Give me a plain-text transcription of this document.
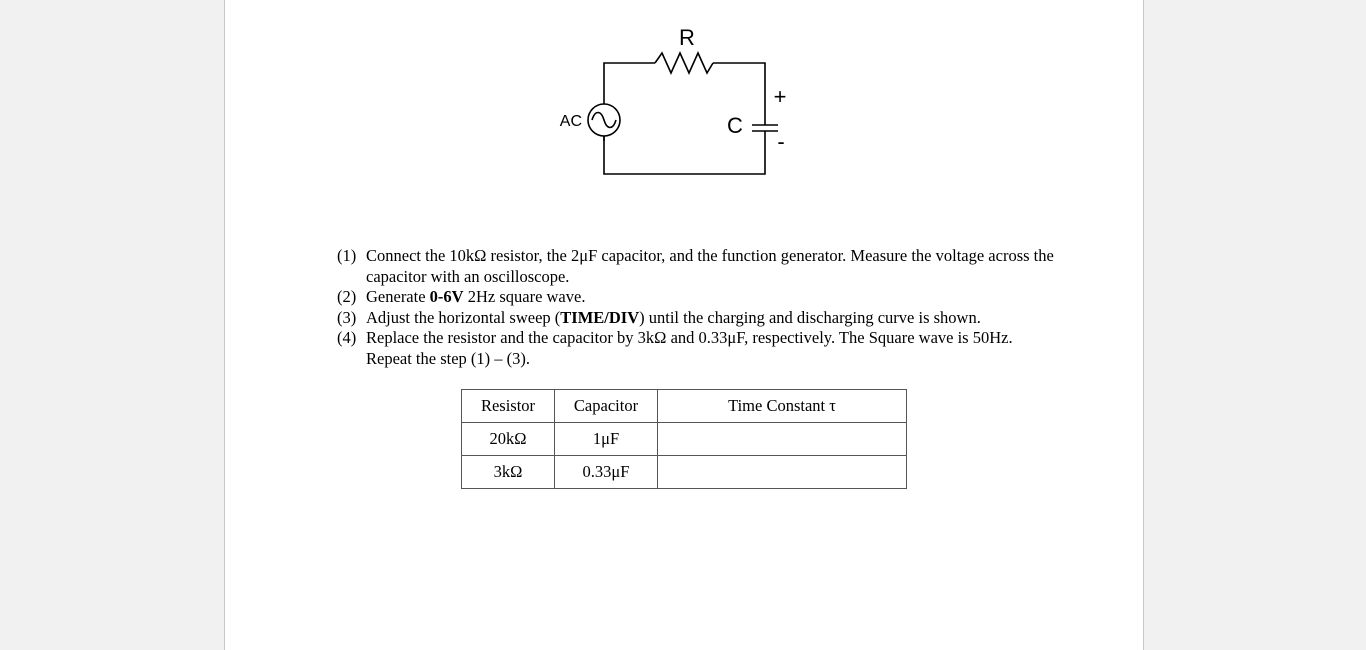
R
AC	C
+
-
(1) Connect the 10kΩ resistor, the 2μF capacitor, and the function generator. Measure the voltage across the capacitor with an oscilloscope.
(2) Generate 0-6V 2Hz square wave.
(3) Adjust the horizontal sweep (TIME/DIV) until the charging and discharging curve is shown.
(4) Replace the resistor and the capacitor by 3kΩ and 0.33μF, respectively. The Square wave is 50Hz. Repeat the step (1) – (3).
Resistor	Capacitor	Time Constant τ
20kΩ	1μF	
3kΩ	0.33μF	
